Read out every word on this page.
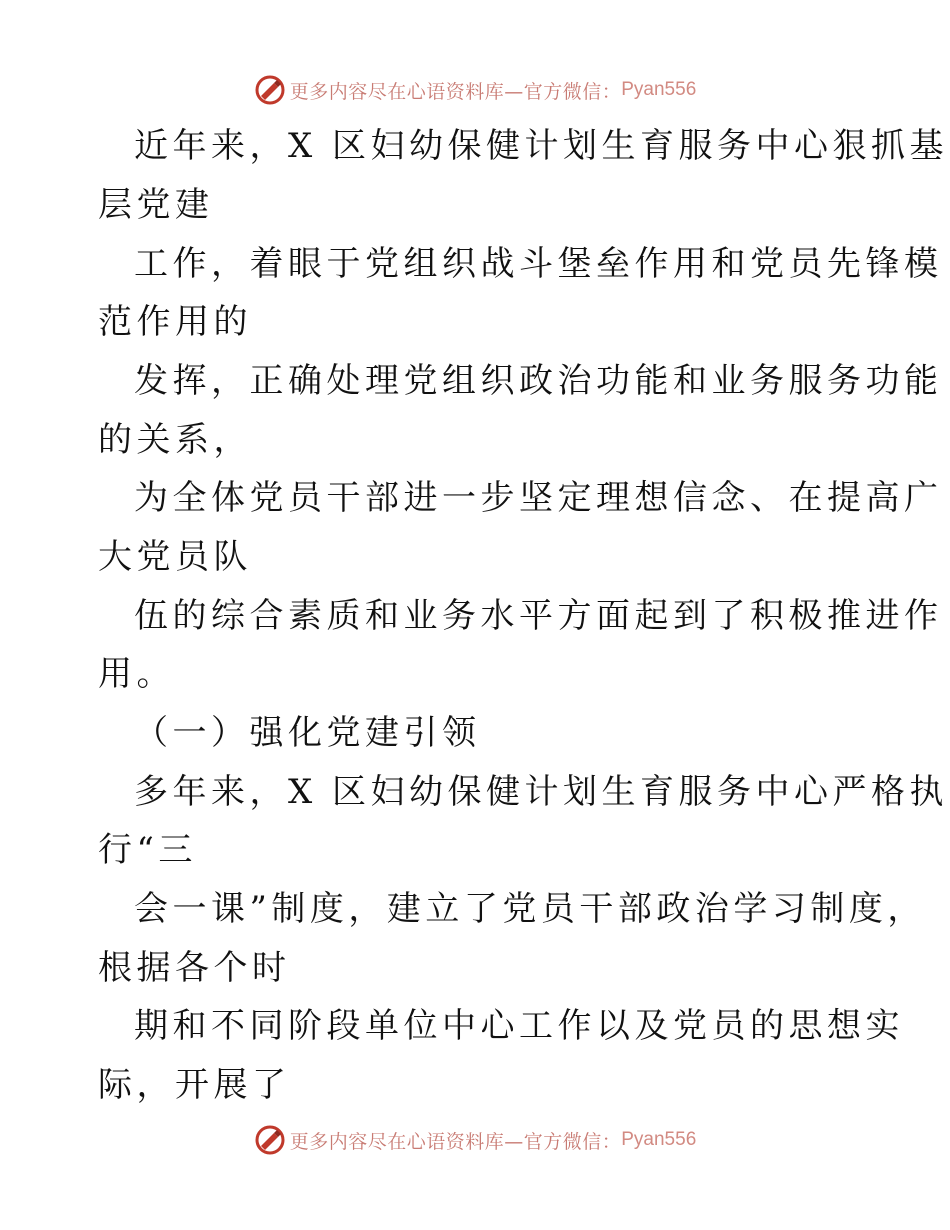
更多内容尽在心语资料库—官方微信： Pyan556
近年来，X 区妇幼保健计划生育服务中心狠抓基
层党建
工作，着眼于党组织战斗堡垒作用和党员先锋模
范作用的
发挥，正确处理党组织政治功能和业务服务功能
的关系，
为全体党员干部进一步坚定理想信念、在提高广
大党员队
伍的综合素质和业务水平方面起到了积极推进作
用。
（一）强化党建引领
多年来，X 区妇幼保健计划生育服务中心严格执
行“三
会一课”制度，建立了党员干部政治学习制度，
根据各个时
期和不同阶段单位中心工作以及党员的思想实
际，开展了
更多内容尽在心语资料库—官方微信： Pyan556
